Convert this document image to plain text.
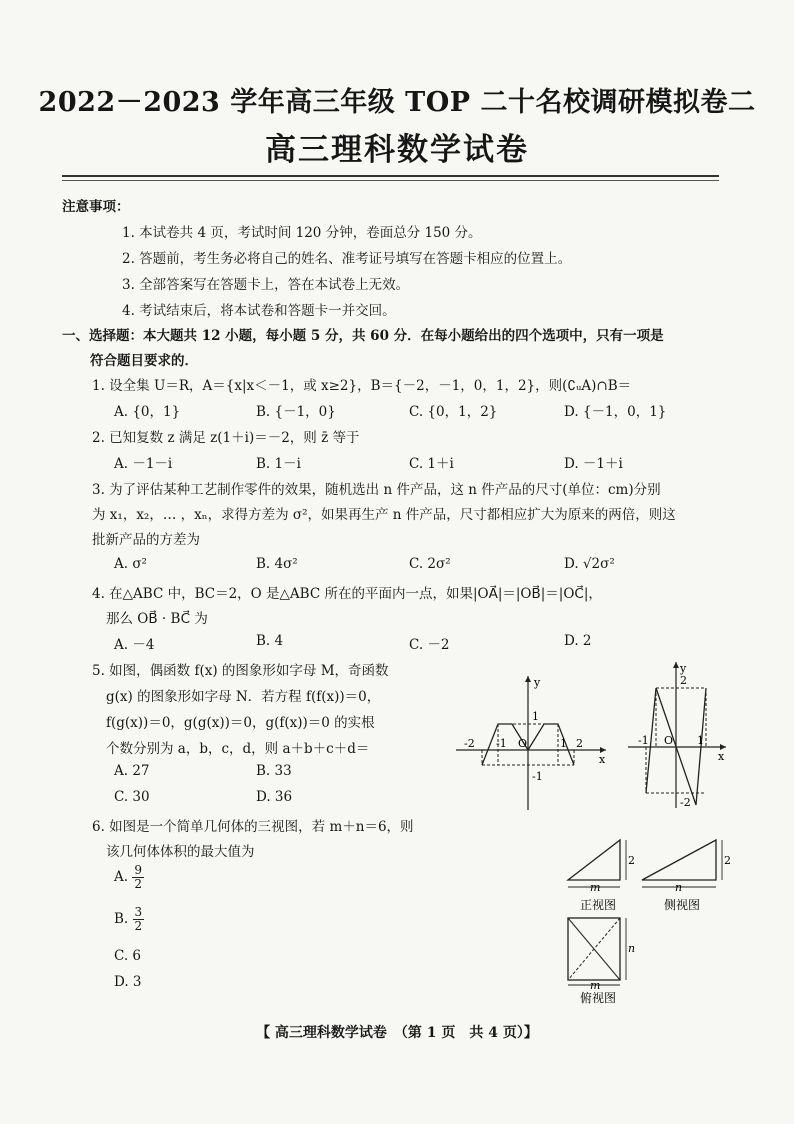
2022－2023 学年高三年级 TOP 二十名校调研模拟卷二
高三理科数学试卷
注意事项：
1. 本试卷共 4 页，考试时间 120 分钟，卷面总分 150 分。
2. 答题前，考生务必将自己的姓名、准考证号填写在答题卡相应的位置上。
3. 全部答案写在答题卡上，答在本试卷上无效。
4. 考试结束后，将本试卷和答题卡一并交回。
一、选择题：本大题共 12 小题，每小题 5 分，共 60 分．在每小题给出的四个选项中，只有一项是
符合题目要求的．
1. 设全集 U＝R，A＝{x|x＜－1，或 x≥2}，B＝{－2，－1，0，1，2}，则(∁ᵤA)∩B＝
A. {0，1}	B. {－1，0}	C. {0，1，2}	D. {－1，0，1}
2. 已知复数 z 满足 z(1＋i)＝－2，则 z̄ 等于
A. －1－i	B. 1－i	C. 1＋i	D. －1＋i
3. 为了评估某种工艺制作零件的效果，随机选出 n 件产品，这 n 件产品的尺寸(单位：cm)分别
为 x₁，x₂，… ，xₙ，求得方差为 σ²，如果再生产 n 件产品，尺寸都相应扩大为原来的两倍，则这
批新产品的方差为
A. σ²	B. 4σ²	C. 2σ²	D. √2σ²
4. 在△ABC 中，BC＝2，O 是△ABC 所在的平面内一点，如果|OA⃗|＝|OB⃗|＝|OC⃗|，
那么 OB⃗ · BC⃗ 为
A. －4	B. 4	C. －2	D. 2
5. 如图，偶函数 f(x) 的图象形如字母 M，奇函数
g(x) 的图象形如字母 N．若方程 f(f(x))＝0，
f(g(x))＝0，g(g(x))＝0，g(f(x))＝0 的实根
个数分别为 a，b，c，d，则 a＋b＋c＋d＝
A. 27	B. 33
C. 30	D. 36
y
x
-2 -1 O	1 2
1
-1
y
x
-1 O 1
2
-2
6. 如图是一个简单几何体的三视图，若 m＋n＝6，则
该几何体体积的最大值为
A. $\frac{9}{2}$
B. $\frac{3}{2}$
C. 6
D. 3
2
m
正视图
2
n
侧视图
n
m
俯视图
【 高三理科数学试卷　（第 1 页　共 4 页）】
